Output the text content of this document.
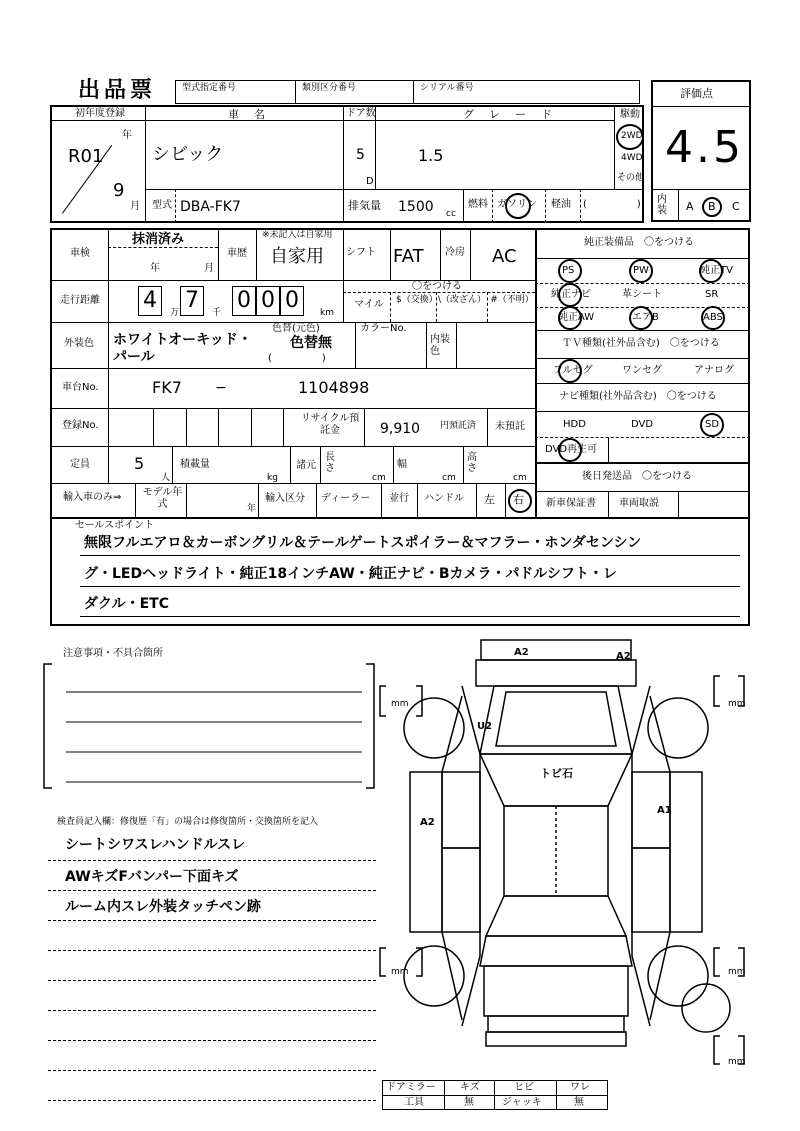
出品票	型式指定番号	類別区分番号	シリアル番号	評価点
4.5
内装 A B C
初年度登録
R01
年
9
月
車　名
シビック
ドア数
5
D
グ　レ　ー　ド
1.5
駆動
2WD
4WD
その他
型式 DBA-FK7	排気量 1500 cc
燃料 ガソリン 軽油 (　　　　　)
車検
抹消済み
年	月
車歴
※未記入は自家用
自家用 シフト FAT 冷房 AC
走行距離 4	万 7	千 0 0 0	km
〇をつける
マイル $（交換） \（改ざん） #（不明）
外装色 ホワイトオーキッド・パール
色替(元色)
色替無
(　　　　　)
カラーNo.
内装色
車台No.	FK7 −	1104898
登録No.
リサイクル預託金	9,910 円預託済 未預託
定員	5
人
積載量
kg
諸元
長さ
cm
幅
cm
高さ
cm
輸入車のみ⇒ モデル年式	年
輸入区分 ディーラー 並行 ハンドル 左 右
純正装備品　〇をつける
PS	PW	純正TV
純正ナビ	革シート	SR
純正AW	エアB	ABS
ＴＶ種類(社外品含む)　〇をつける
フルセグ	ワンセグ	アナログ
ナビ種類(社外品含む)　〇をつける
HDD	DVD	SD
DVD再生可
後日発送品　〇をつける
新車保証書 車両取説
セールスポイント
無限フルエアロ＆カーボングリル＆テールゲートスポイラー＆マフラー・ホンダセンシン
グ・LEDヘッドライト・純正18インチAW・純正ナビ・Bカメラ・パドルシフト・レ
ダクル・ETC
注意事項・不具合箇所
検査員記入欄：修復歴「有」の場合は修復箇所・交換箇所を記入
シートシワスレハンドルスレ
AWキズFバンパー下面キズ
ルーム内スレ外装タッチペン跡
A2	A2
U2
トビ石
A1
A2
mm	mm
mm	mm
mm
ドアミラー キズ	ヒビ	ワレ
工具	無	ジャッキ	無
